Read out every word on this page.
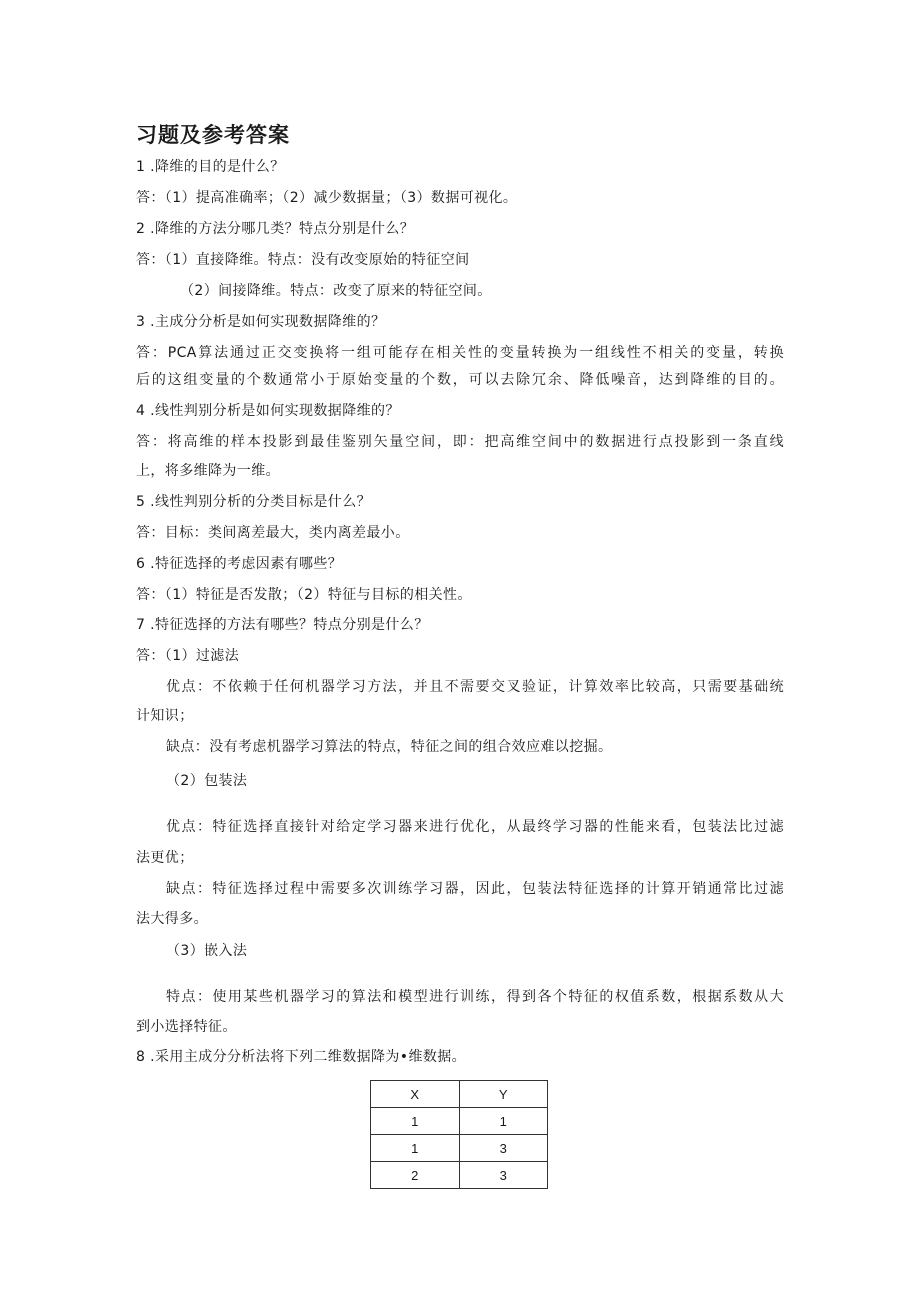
习题及参考答案
1 .降维的目的是什么？
答：（1）提高准确率；（2）减少数据量；（3）数据可视化。
2 .降维的方法分哪几类？特点分别是什么？
答：（1）直接降维。特点：没有改变原始的特征空间
（2）间接降维。特点：改变了原来的特征空间。
3 .主成分分析是如何实现数据降维的？
答：PCA算法通过正交变换将一组可能存在相关性的变量转换为一组线性不相关的变量，转换
后的这组变量的个数通常小于原始变量的个数，可以去除冗余、降低噪音，达到降维的目的。
4 .线性判别分析是如何实现数据降维的？
答：将高维的样本投影到最佳鉴别矢量空间，即：把高维空间中的数据进行点投影到一条直线
上，将多维降为一维。
5 .线性判别分析的分类目标是什么？
答：目标：类间离差最大，类内离差最小。
6 .特征选择的考虑因素有哪些？
答：（1）特征是否发散；（2）特征与目标的相关性。
7 .特征选择的方法有哪些？特点分别是什么？
答：（1）过滤法
优点：不依赖于任何机器学习方法，并且不需要交叉验证，计算效率比较高，只需要基础统
计知识；
缺点：没有考虑机器学习算法的特点，特征之间的组合效应难以挖掘。
（2）包装法
优点：特征选择直接针对给定学习器来进行优化，从最终学习器的性能来看，包装法比过滤
法更优；
缺点：特征选择过程中需要多次训练学习器，因此，包装法特征选择的计算开销通常比过滤
法大得多。
（3）嵌入法
特点：使用某些机器学习的算法和模型进行训练，得到各个特征的权值系数，根据系数从大
到小选择特征。
8 .采用主成分分析法将下列二维数据降为•维数据。
X	Y
1	1
1	3
2	3
